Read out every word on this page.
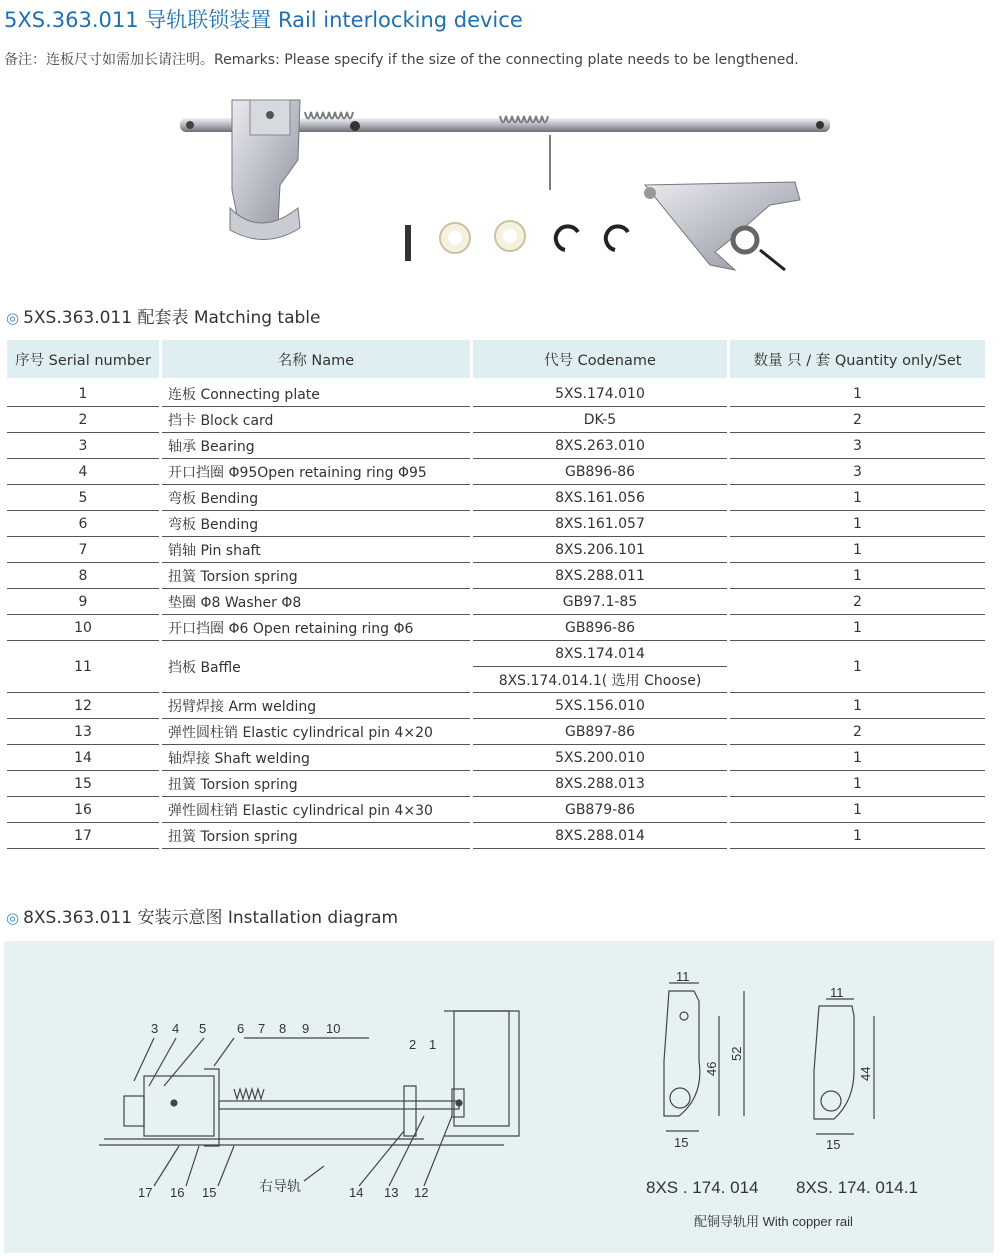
5XS.363.011 导轨联锁装置 Rail interlocking device
备注：连板尺寸如需加长请注明。Remarks: Please specify if the size of the connecting plate needs to be lengthened.
◎ 5XS.363.011 配套表 Matching table
序号 Serial number	名称 Name	代号 Codename	数量 只 / 套 Quantity only/Set
1	连板 Connecting plate	5XS.174.010	1
2	挡卡 Block card	DK-5	2
3	轴承 Bearing	8XS.263.010	3
4	开口挡圈 Φ95Open retaining ring Φ95	GB896-86	3
5	弯板 Bending	8XS.161.056	1
6	弯板 Bending	8XS.161.057	1
7	销轴 Pin shaft	8XS.206.101	1
8	扭簧 Torsion spring	8XS.288.011	1
9	垫圈 Φ8 Washer Φ8	GB97.1-85	2
10	开口挡圈 Φ6 Open retaining ring Φ6	GB896-86	1
11	挡板 Baffle	8XS.174.014	1
		8XS.174.014.1( 选用 Choose)	
12	拐臂焊接 Arm welding	5XS.156.010	1
13	弹性圆柱销 Elastic cylindrical pin 4×20	GB897-86	2
14	轴焊接 Shaft welding	5XS.200.010	1
15	扭簧 Torsion spring	8XS.288.013	1
16	弹性圆柱销 Elastic cylindrical pin 4×30	GB879-86	1
17	扭簧 Torsion spring	8XS.288.014	1
◎ 8XS.363.011 安装示意图 Installation diagram
3 4 5 6 7 8 9 10
2 1
17 16 15	14 13 12
右导轨
11
46
52
15
8XS . 174. 014
11
44
15
8XS. 174. 014.1
配铜导轨用 With copper rail
